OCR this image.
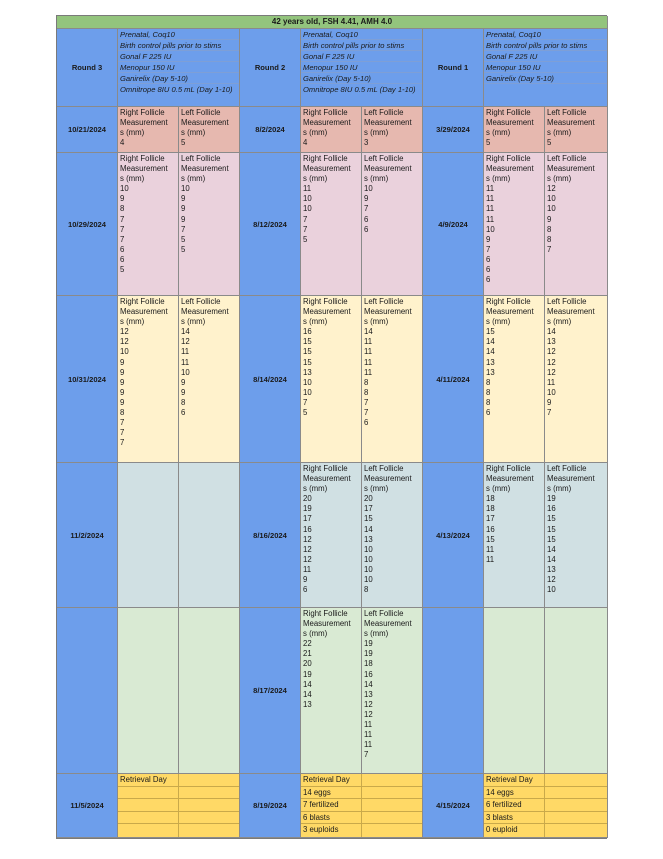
42 years old, FSH 4.41, AMH 4.0
Round 3
Prenatal, Coq10
Birth control pills prior to stims
Gonal F 225 IU
Menopur 150 IU
Ganirelix (Day 5-10)
Omnitrope 8IU 0.5 mL (Day 1-10)
Round 2
Prenatal, Coq10
Birth control pills prior to stims
Gonal F 225 IU
Menopur 150 IU
Ganirelix (Day 5-10)
Omnitrope 8IU 0.5 mL (Day 1-10)
Round 1
Prenatal, Coq10
Birth control pills prior to stims
Gonal F 225 IU
Menopur 150 IU
Ganirelix (Day 5-10)
10/21/2024
Right Follicle
Measurement
s (mm)
4
Left Follicle
Measurement
s (mm)
5
8/2/2024
Right Follicle
Measurement
s (mm)
4
Left Follicle
Measurement
s (mm)
3
3/29/2024
Right Follicle
Measurement
s (mm)
5
Left Follicle
Measurement
s (mm)
5
10/29/2024
Right Follicle
Measurement
s (mm)
10
9
8
7
7
7
6
6
5
Left Follicle
Measurement
s (mm)
10
9
9
9
7
5
5
8/12/2024
Right Follicle
Measurement
s (mm)
11
10
10
7
7
5
Left Follicle
Measurement
s (mm)
10
9
7
6
6
4/9/2024
Right Follicle
Measurement
s (mm)
11
11
11
11
10
9
7
6
6
6
Left Follicle
Measurement
s (mm)
12
10
10
9
8
8
7
10/31/2024
Right Follicle
Measurement
s (mm)
12
12
10
9
9
9
9
9
8
7
7
7
Left Follicle
Measurement
s (mm)
14
12
11
11
10
9
9
8
6
8/14/2024
Right Follicle
Measurement
s (mm)
16
15
15
15
13
10
10
7
5
Left Follicle
Measurement
s (mm)
14
11
11
11
11
8
8
7
7
6
4/11/2024
Right Follicle
Measurement
s (mm)
15
14
14
13
13
8
8
8
6
Left Follicle
Measurement
s (mm)
14
13
12
12
12
11
10
9
7
11/2/2024	8/16/2024
Right Follicle
Measurement
s (mm)
20
19
17
16
12
12
12
11
9
6
Left Follicle
Measurement
s (mm)
20
17
15
14
13
10
10
10
10
8
4/13/2024
Right Follicle
Measurement
s (mm)
18
18
17
16
15
11
11
Left Follicle
Measurement
s (mm)
19
16
15
15
15
14
14
13
12
10
8/17/2024
Right Follicle
Measurement
s (mm)
22
21
20
19
14
14
13
Left Follicle
Measurement
s (mm)
19
19
18
16
14
13
12
12
11
11
11
7
11/5/2024
Retrieval Day
8/19/2024
Retrieval Day
14 eggs
7 fertilized
6 blasts
3 euploids
4/15/2024
Retrieval Day
14 eggs
6 fertilized
3 blasts
0 euploid
